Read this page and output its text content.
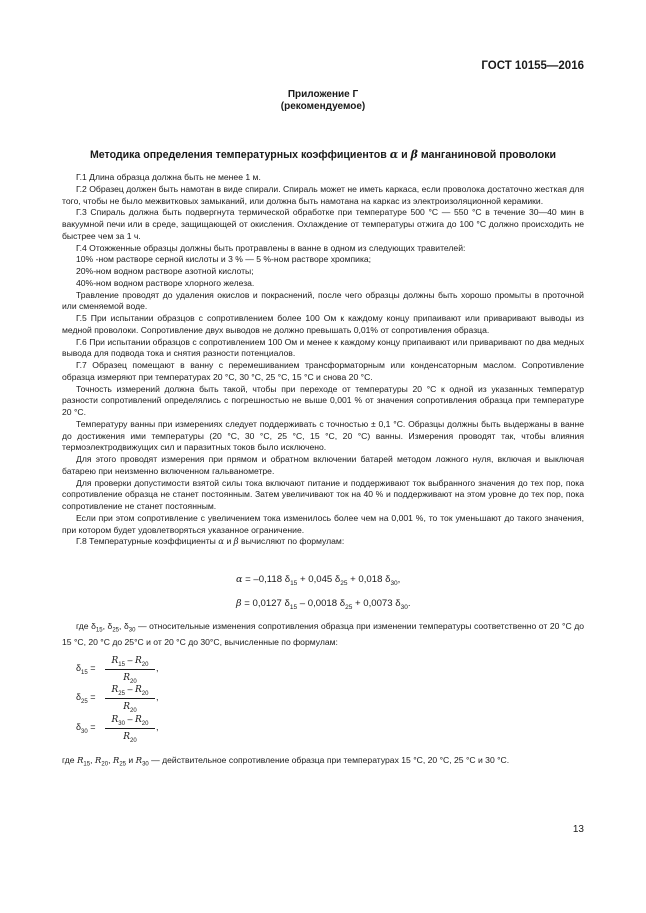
ГОСТ 10155—2016
Приложение Г
(рекомендуемое)
Методика определения температурных коэффициентов α и β манганиновой проволоки

Г.1 Длина образца должна быть не менее 1 м.

Г.2 Образец должен быть намотан в виде спирали. Спираль может не иметь каркаса, если проволока достаточно жесткая для того, чтобы не было межвитковых замыканий, или должна быть намотана на каркас из электроизоляционной керамики.

Г.3 Спираль должна быть подвергнута термической обработке при температуре 500 °С — 550 °С в течение 30—40 мин в вакуумной печи или в среде, защищающей от окисления. Охлаждение от температуры отжига до 100 °С должно происходить не быстрее чем за 1 ч.

Г.4 Отожженные образцы должны быть протравлены в ванне в одном из следующих травителей:

10% -ном растворе серной кислоты и 3 % — 5 %-ном растворе хромпика;

20%-ном водном растворе азотной кислоты;

40%-ном водном растворе хлорного железа.

Травление проводят до удаления окислов и покраснений, после чего образцы должны быть хорошо промыты в проточной или сменяемой воде.

Г.5 При испытании образцов с сопротивлением более 100 Ом к каждому концу припаивают или приваривают выводы из медной проволоки. Сопротивление двух выводов не должно превышать 0,01% от сопротивления образца.

Г.6 При испытании образцов с сопротивлением 100 Ом и менее к каждому концу припаивают или приваривают по два медных вывода для подвода тока и снятия разности потенциалов.

Г.7 Образец помещают в ванну с перемешиванием трансформаторным или конденсаторным маслом. Сопротивление образца измеряют при температурах 20 °С, 30 °С, 25 °С, 15 °С и снова 20 °С.

Точность измерений должна быть такой, чтобы при переходе от температуры 20 °С к одной из указанных температур разности сопротивлений определялись с погрешностью не выше 0,001 % от значения сопротивления образца при температуре 20 °С.

Температуру ванны при измерениях следует поддерживать с точностью ± 0,1 °С. Образцы должны быть выдержаны в ванне до достижения ими температуры (20 °С, 30 °С, 25 °С, 15 °С, 20 °С) ванны. Измерения проводят так, чтобы влияния термоэлектродвижущих сил и паразитных токов было исключено.

Для этого проводят измерения при прямом и обратном включении батарей методом ложного нуля, включая и выключая батарею при неизменно включенном гальванометре.

Для проверки допустимости взятой силы тока включают питание и поддерживают ток выбранного значения до тех пор, пока сопротивление образца не станет постоянным. Затем увеличивают ток на 40 % и поддерживают на этом уровне до тех пор, пока сопротивление не станет постоянным.

Если при этом сопротивление с увеличением тока изменилось более чем на 0,001 %, то ток уменьшают до такого значения, при котором будет удовлетворяться указанное ограничение.

Г.8 Температурные коэффициенты α и β вычисляют по формулам:

α = –0,118 $\delta_{15} + 0,045$ $\delta_{25} + 0,018$ $\delta_{30}$,
β = 0,0127 $\delta_{15} - 0,0018$ $\delta_{25} + 0,0073$ $\delta_{30}$.

где $\delta_{15}$, $\delta_{25}$, $\delta_{30}$ — относительные изменения сопротивления образца при изменении температуры соответственно от 20 °С до 15 °С, 20 °С до 25°С и от 20 °С до 30°С, вычисленные по формулам:

$\delta_{15}$ =
$R_{15} - R_{20}$
$R_{20}$
,
$\delta_{25}$ =
$R_{25} - R_{20}$
$R_{20}$
,
$\delta_{30}$ =
$R_{30} - R_{20}$
$R_{20}$
,
где $R_{15}$, $R_{20}$, $R_{25}$ и $R_{30}$ — действительное сопротивление образца при температурах 15 °С, 20 °С, 25 °С и 30 °С.
13
